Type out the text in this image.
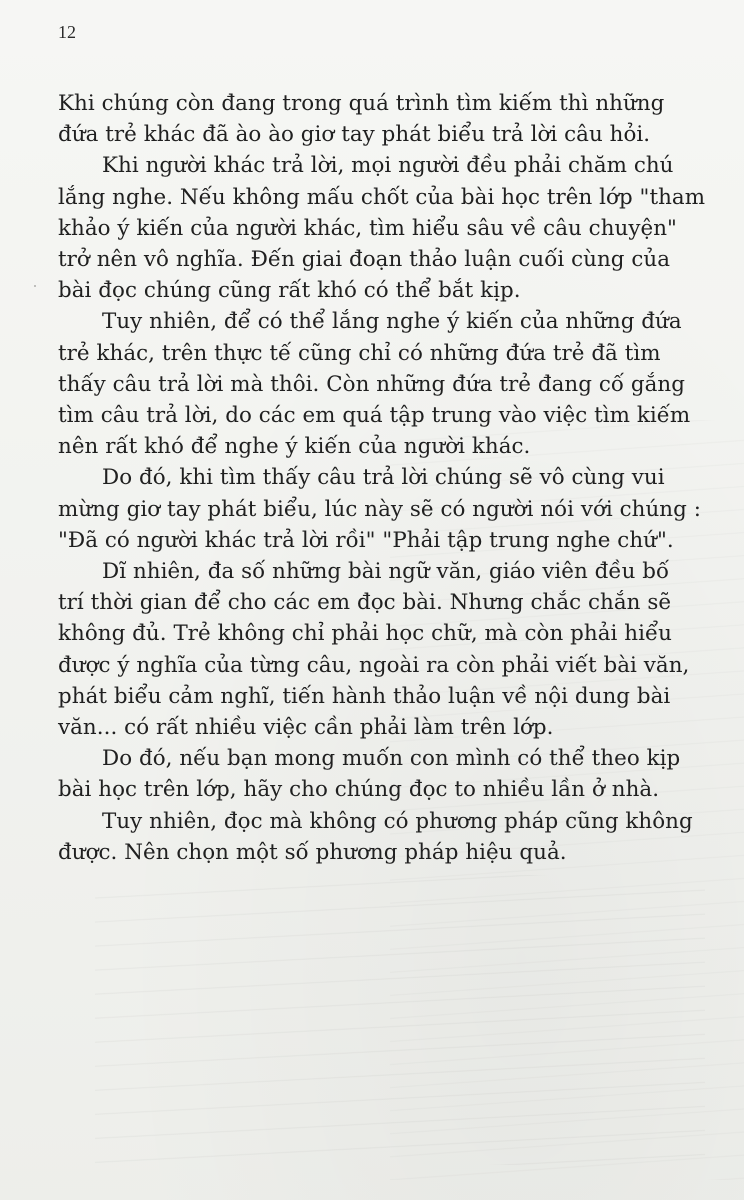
12

Khi chúng còn đang trong quá trình tìm kiếm thì những
đứa trẻ khác đã ào ào giơ tay phát biểu trả lời câu hỏi.

Khi người khác trả lời, mọi người đều phải chăm chú
lắng nghe. Nếu không mấu chốt của bài học trên lớp "tham
khảo ý kiến của người khác, tìm hiểu sâu về câu chuyện"
trở nên vô nghĩa. Đến giai đoạn thảo luận cuối cùng của
bài đọc chúng cũng rất khó có thể bắt kịp.

Tuy nhiên, để có thể lắng nghe ý kiến của những đứa
trẻ khác, trên thực tế cũng chỉ có những đứa trẻ đã tìm
thấy câu trả lời mà thôi. Còn những đứa trẻ đang cố gắng
tìm câu trả lời, do các em quá tập trung vào việc tìm kiếm
nên rất khó để nghe ý kiến của người khác.

Do đó, khi tìm thấy câu trả lời chúng sẽ vô cùng vui
mừng giơ tay phát biểu, lúc này sẽ có người nói với chúng :
"Đã có người khác trả lời rồi" "Phải tập trung nghe chứ".

Dĩ nhiên, đa số những bài ngữ văn, giáo viên đều bố
trí thời gian để cho các em đọc bài. Nhưng chắc chắn sẽ
không đủ. Trẻ không chỉ phải học chữ, mà còn phải hiểu
được ý nghĩa của từng câu, ngoài ra còn phải viết bài văn,
phát biểu cảm nghĩ, tiến hành thảo luận về nội dung bài
văn... có rất nhiều việc cần phải làm trên lớp.

Do đó, nếu bạn mong muốn con mình có thể theo kịp
bài học trên lớp, hãy cho chúng đọc to nhiều lần ở nhà.

Tuy nhiên, đọc mà không có phương pháp cũng không
được. Nên chọn một số phương pháp hiệu quả.
